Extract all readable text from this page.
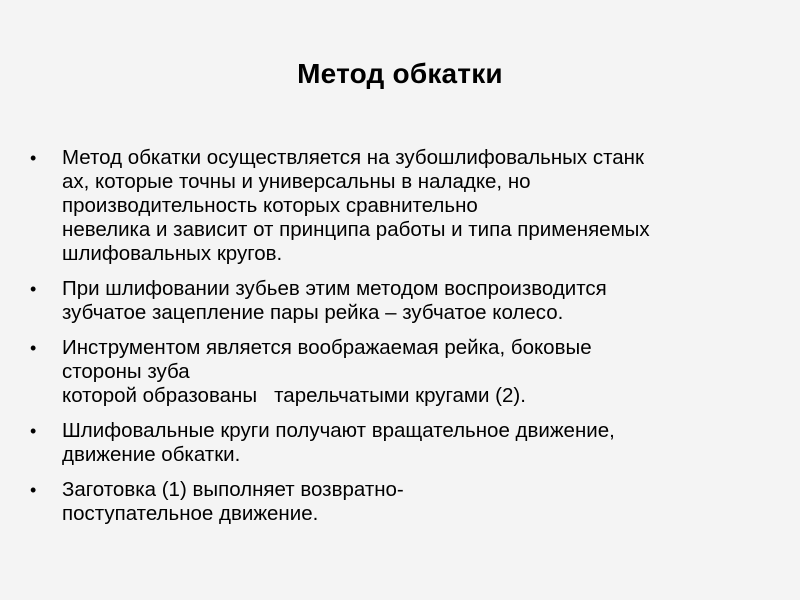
Метод обкатки
•	Метод обкатки осуществляется на зубошлифовальных станк
ах, которые точны и универсальны в наладке, но
производительность которых сравнительно
невелика и зависит от принципа работы и типа применяемых
шлифовальных кругов.
•	При шлифовании зубьев этим методом воспроизводится
зубчатое зацепление пары рейка – зубчатое колесо.
•	Инструментом является воображаемая рейка, боковые
стороны зуба
которой образованы   тарельчатыми кругами (2).
•	Шлифовальные круги получают вращательное движение,
движение обкатки.
•	Заготовка (1) выполняет возвратно-
поступательное движение.
